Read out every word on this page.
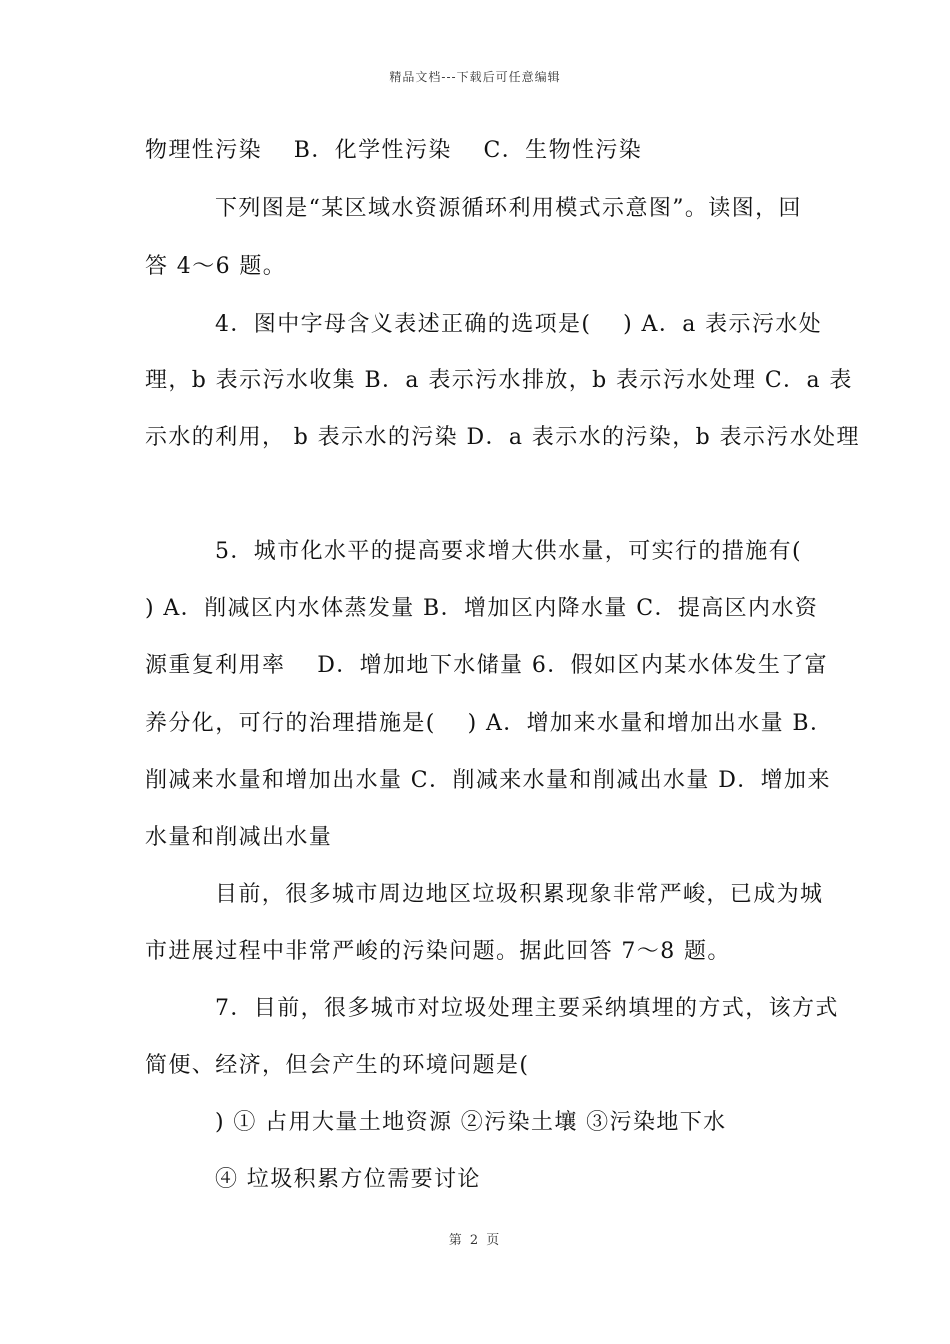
精品文档---下载后可任意编辑
物理性污染　 B．化学性污染　 C．生物性污染
下列图是“某区域水资源循环利用模式示意图”。读图，回
答 4～6 题。
4．图中字母含义表述正确的选项是(　 ) A．a 表示污水处
理，b 表示污水收集 B．a 表示污水排放，b 表示污水处理 C．a 表
示水的利用， b 表示水的污染 D．a 表示水的污染，b 表示污水处理
5．城市化水平的提高要求增大供水量，可实行的措施有(
) A．削减区内水体蒸发量 B．增加区内降水量 C．提高区内水资
源重复利用率　 D．增加地下水储量 6．假如区内某水体发生了富
养分化，可行的治理措施是(　 ) A．增加来水量和增加出水量 B．
削减来水量和增加出水量 C．削减来水量和削减出水量 D．增加来
水量和削减出水量
目前，很多城市周边地区垃圾积累现象非常严峻，已成为城
市进展过程中非常严峻的污染问题。据此回答 7～8 题。
7．目前，很多城市对垃圾处理主要采纳填埋的方式，该方式
简便、经济，但会产生的环境问题是(
) ① 占用大量土地资源 ②污染土壤 ③污染地下水
④ 垃圾积累方位需要讨论
第 2 页
